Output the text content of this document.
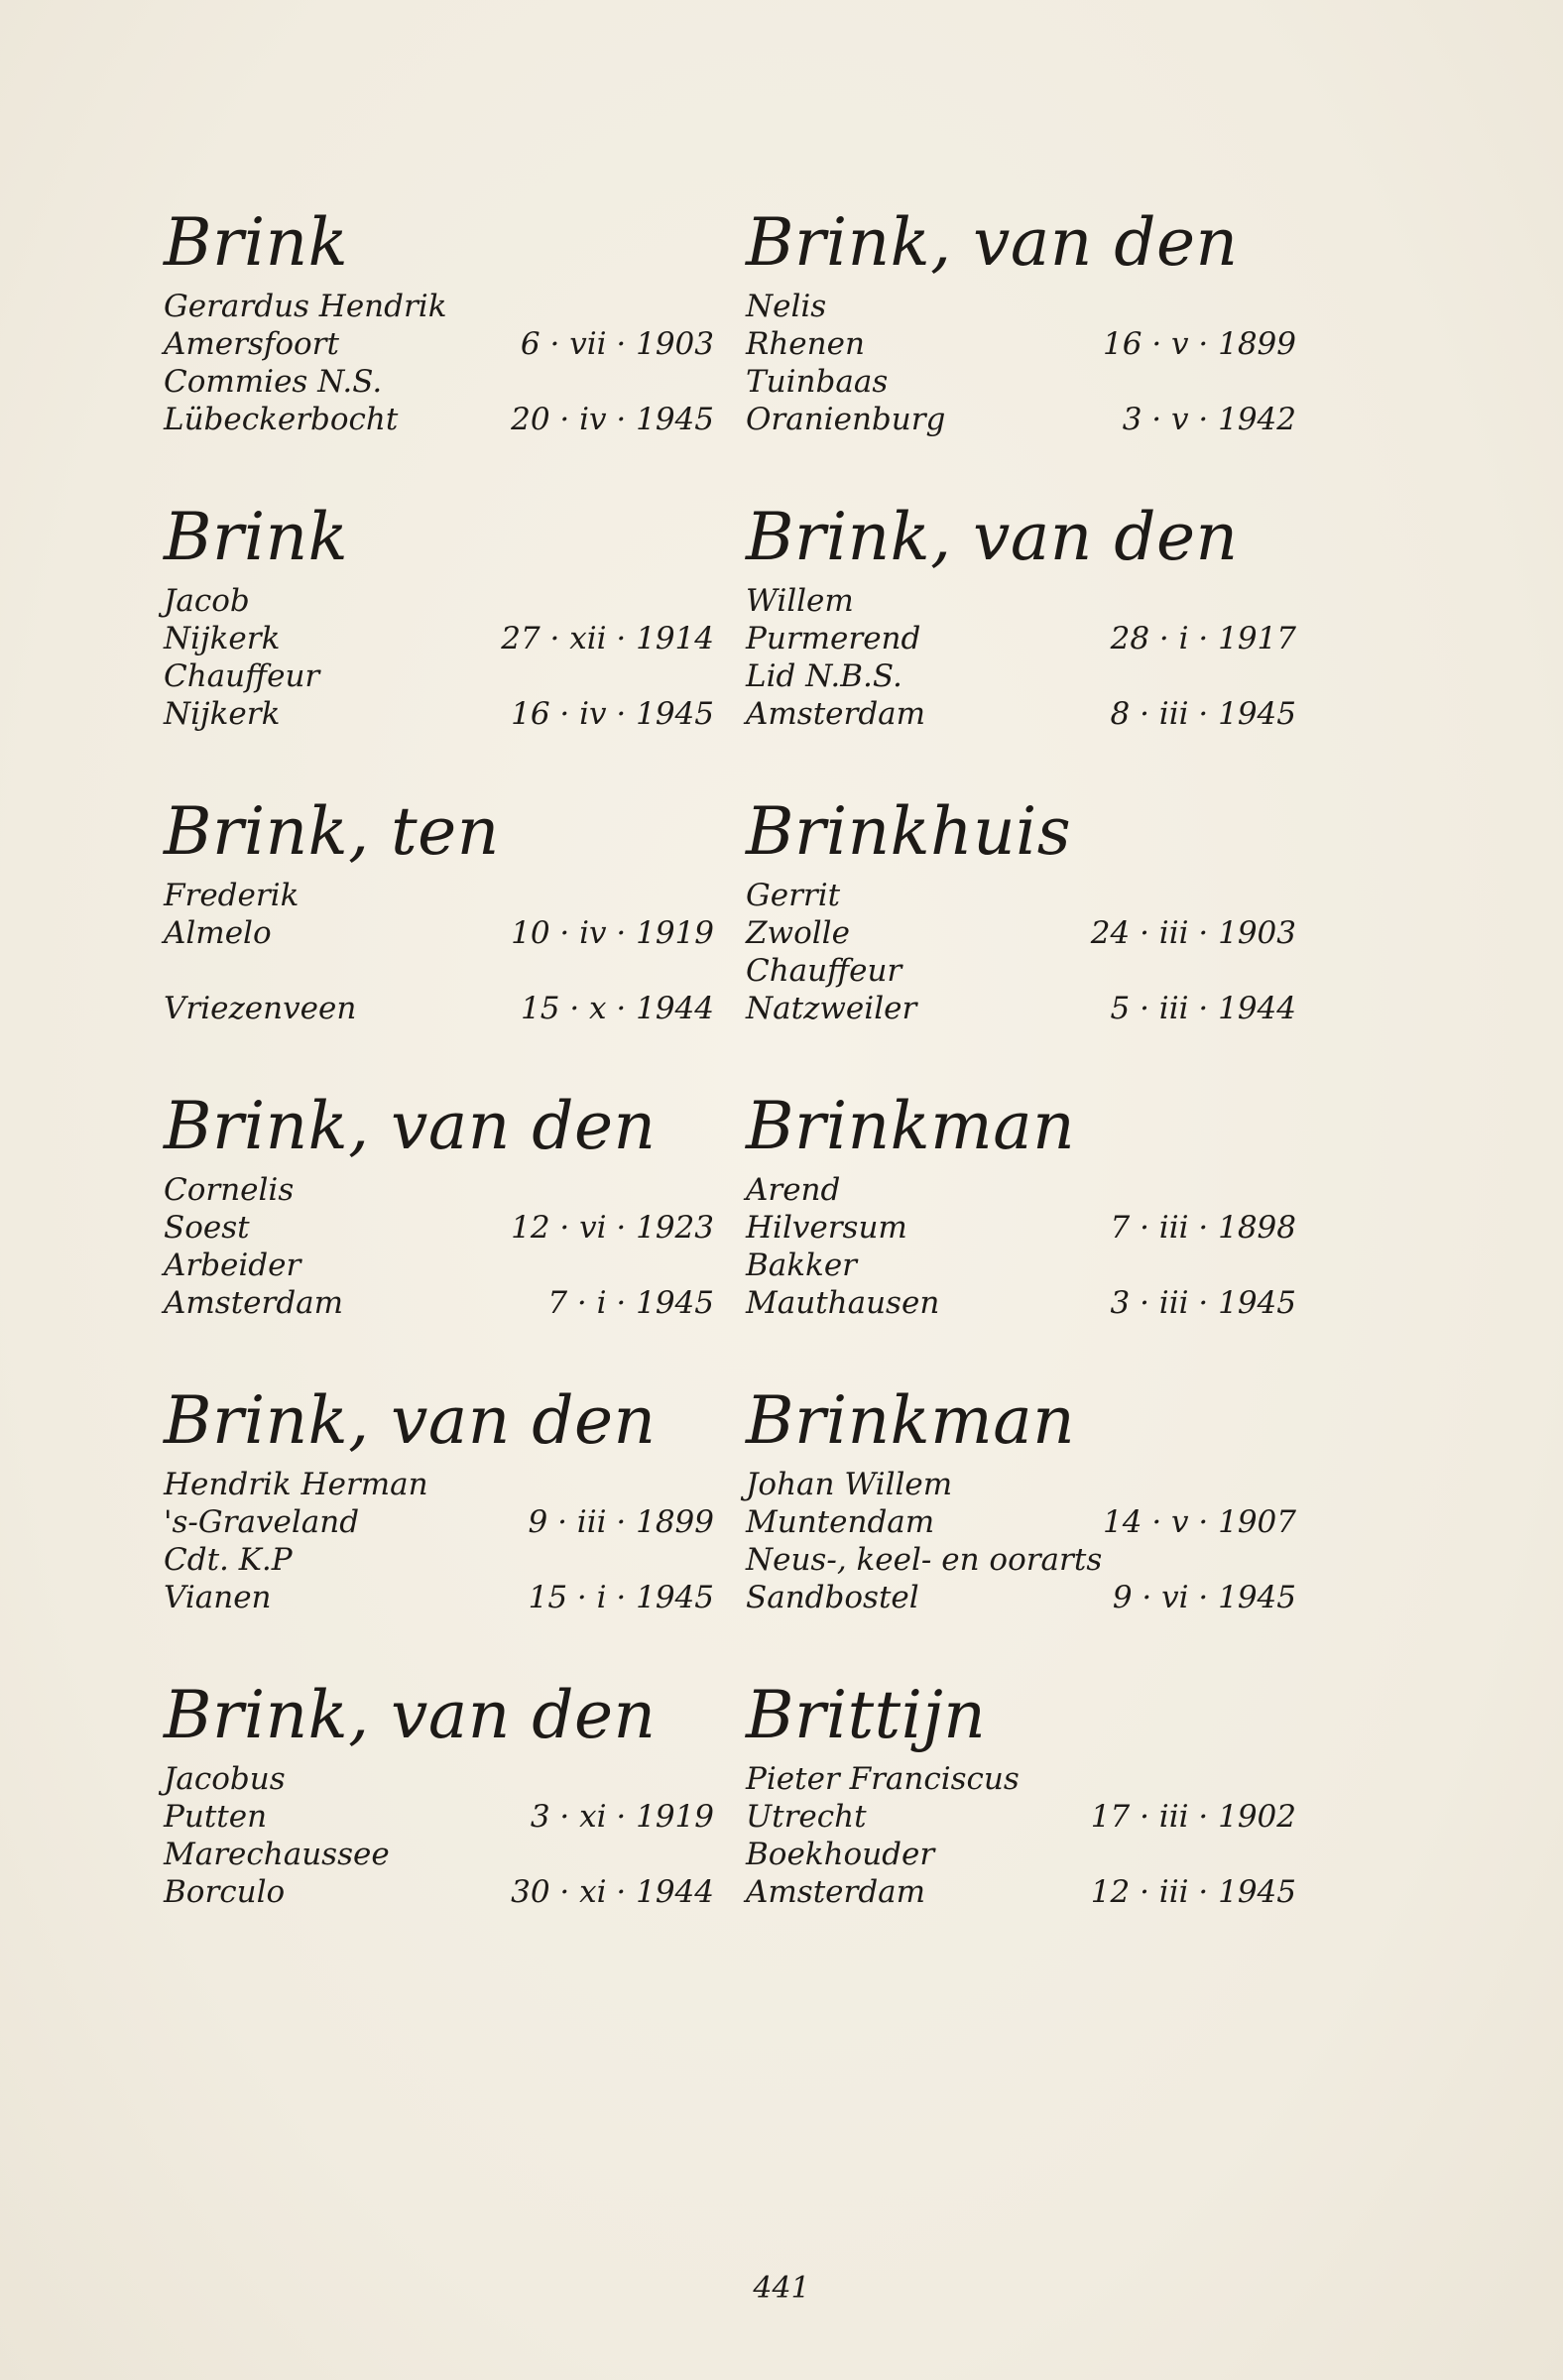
Brink
Gerardus Hendrik
Amersfoort	6 · vii · 1903
Commies N.S.
Lübeckerbocht	20 · iv · 1945
Brink
Jacob
Nijkerk	27 · xii · 1914
Chauffeur
Nijkerk	16 · iv · 1945
Brink, ten
Frederik
Almelo	10 · iv · 1919
Vriezenveen	15 · x · 1944
Brink, van den
Cornelis
Soest	12 · vi · 1923
Arbeider
Amsterdam	7 · i · 1945
Brink, van den
Hendrik Herman
's-Graveland	9 · iii · 1899
Cdt. K.P
Vianen	15 · i · 1945
Brink, van den
Jacobus
Putten	3 · xi · 1919
Marechaussee
Borculo	30 · xi · 1944
Brink, van den
Nelis
Rhenen	16 · v · 1899
Tuinbaas
Oranienburg	3 · v · 1942
Brink, van den
Willem
Purmerend	28 · i · 1917
Lid N.B.S.
Amsterdam	8 · iii · 1945
Brinkhuis
Gerrit
Zwolle	24 · iii · 1903
Chauffeur
Natzweiler	5 · iii · 1944
Brinkman
Arend
Hilversum	7 · iii · 1898
Bakker
Mauthausen	3 · iii · 1945
Brinkman
Johan Willem
Muntendam	14 · v · 1907
Neus-, keel- en oorarts
Sandbostel	9 · vi · 1945
Brittijn
Pieter Franciscus
Utrecht	17 · iii · 1902
Boekhouder
Amsterdam	12 · iii · 1945
441
